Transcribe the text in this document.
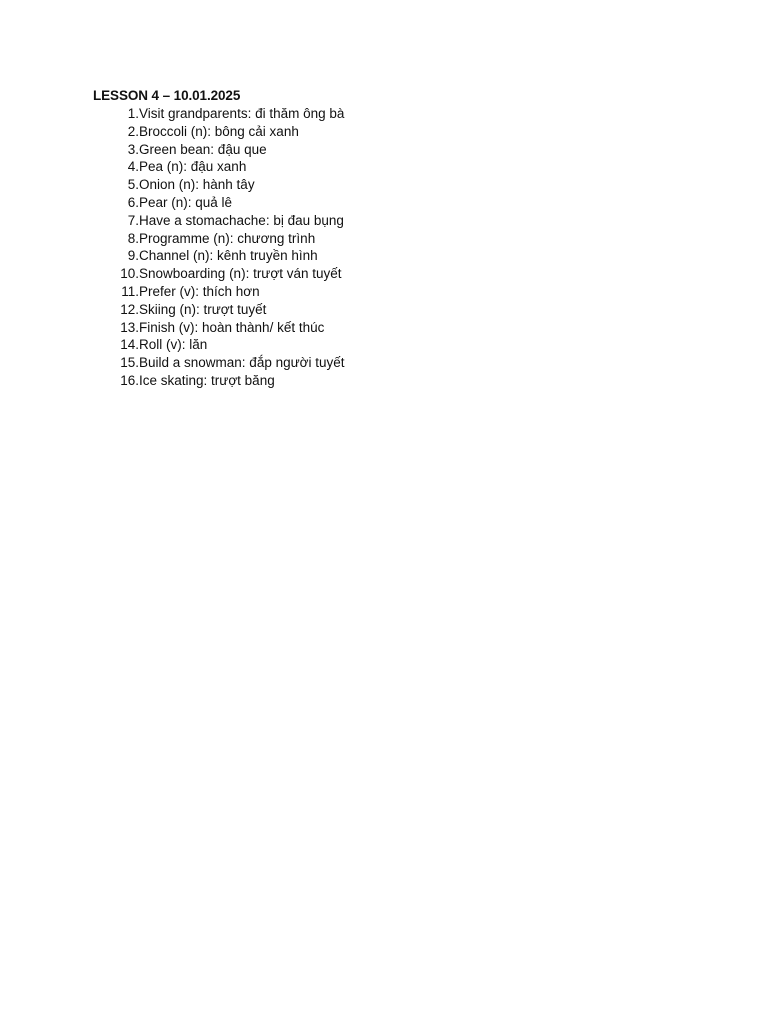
LESSON 4 – 10.01.2025
1. Visit grandparents: đi thăm ông bà
2. Broccoli (n): bông cải xanh
3. Green bean: đậu que
4. Pea (n): đậu xanh
5. Onion (n): hành tây
6. Pear (n): quả lê
7. Have a stomachache: bị đau bụng
8. Programme (n): chương trình
9. Channel (n): kênh truyền hình
10. Snowboarding (n): trượt ván tuyết
11. Prefer (v): thích hơn
12. Skiing (n): trượt tuyết
13. Finish (v): hoàn thành/ kết thúc
14. Roll (v): lăn
15. Build a snowman: đắp người tuyết
16. Ice skating: trượt băng
